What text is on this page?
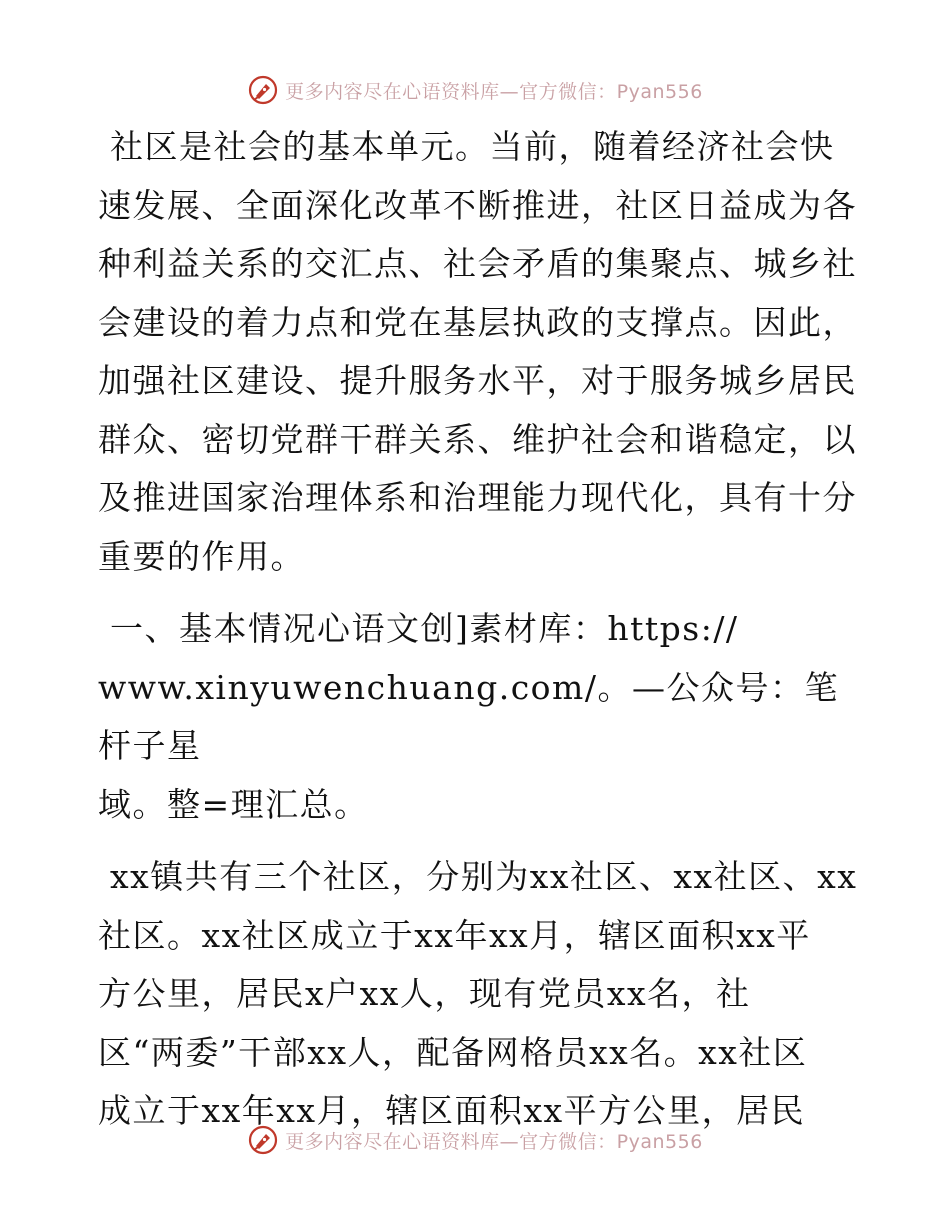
更多内容尽在心语资料库—官方微信：Pyan556

社区是社会的基本单元。当前，随着经济社会快
速发展、全面深化改革不断推进，社区日益成为各
种利益关系的交汇点、社会矛盾的集聚点、城乡社
会建设的着力点和党在基层执政的支撑点。因此，
加强社区建设、提升服务水平，对于服务城乡居民
群众、密切党群干群关系、维护社会和谐稳定，以
及推进国家治理体系和治理能力现代化，具有十分
重要的作用。

一、基本情况心语文创]素材库：https://
www.xinyuwenchuang.com/。—公众号：笔杆子星
域。整=理汇总。

xx镇共有三个社区，分别为xx社区、xx社区、xx
社区。xx社区成立于xx年xx月，辖区面积xx平
方公里，居民x户xx人，现有党员xx名，社
区“两委”干部xx人，配备网格员xx名。xx社区
成立于xx年xx月，辖区面积xx平方公里，居民

更多内容尽在心语资料库—官方微信：Pyan556
